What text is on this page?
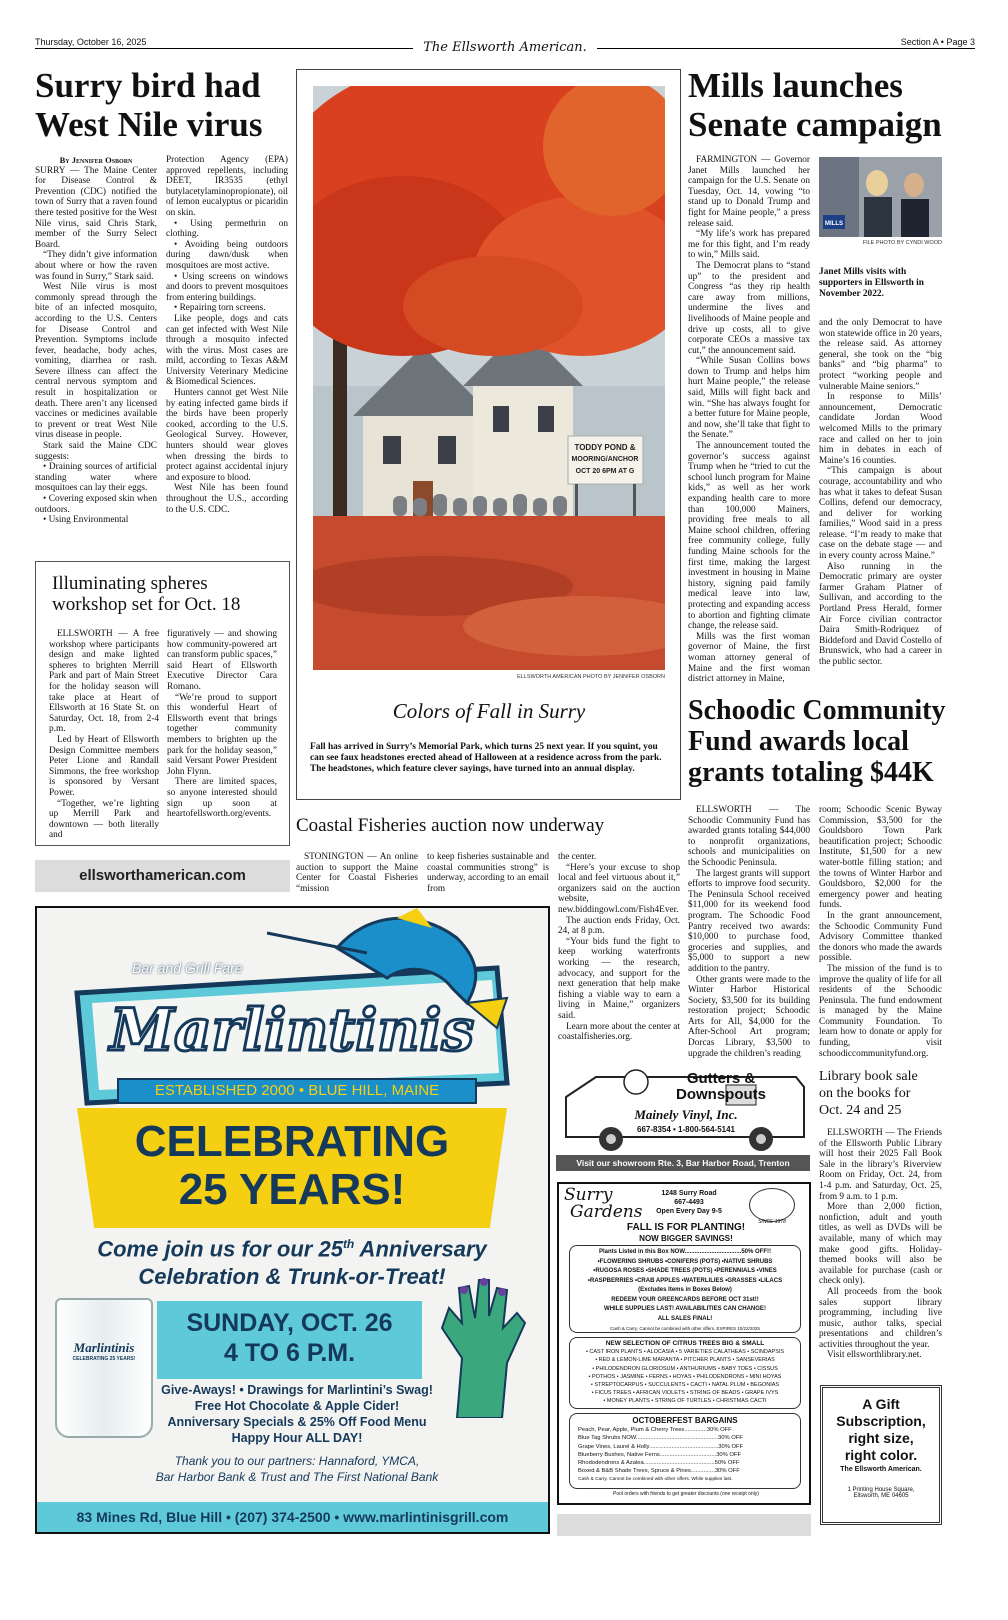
Thursday, October 16, 2025	The Ellsworth American.	Section A • Page 3
Surry bird had
West Nile virus
By Jennifer Osborn

SURRY — The Maine Center for Disease Control & Prevention (CDC) notified the town of Surry that a raven found there tested positive for the West Nile virus, said Chris Stark, member of the Surry Select Board.

“They didn’t give information about where or how the raven was found in Surry,” Stark said.

West Nile virus is most commonly spread through the bite of an infected mosquito, according to the U.S. Centers for Disease Control and Prevention. Symptoms include fever, headache, body aches, vomiting, diarrhea or rash. Severe illness can affect the central nervous symptom and result in hospitalization or death. There aren’t any licensed vaccines or medicines available to prevent or treat West Nile virus disease in people.

Stark said the Maine CDC suggests:

• Draining sources of artificial standing water where mosquitoes can lay their eggs.

• Covering exposed skin when outdoors.

• Using Environmental

Protection Agency (EPA) approved repellents, including DEET, IR3535 (ethyl butylacetylaminopropionate), oil of lemon eucalyptus or picaridin on skin.

• Using permethrin on clothing.

• Avoiding being outdoors during dawn/dusk when mosquitoes are most active.

• Using screens on windows and doors to prevent mosquitoes from entering buildings.

• Repairing torn screens.

Like people, dogs and cats can get infected with West Nile through a mosquito infected with the virus. Most cases are mild, according to Texas A&M University Veterinary Medicine & Biomedical Sciences.

Hunters cannot get West Nile by eating infected game birds if the birds have been properly cooked, according to the U.S. Geological Survey. However, hunters should wear gloves when dressing the birds to protect against accidental injury and exposure to blood.

West Nile has been found throughout the U.S., according to the U.S. CDC.

Illuminating spheres
workshop set for Oct. 18

ELLSWORTH — A free workshop where participants design and make lighted spheres to brighten Merrill Park and part of Main Street for the holiday season will take place at Heart of Ellsworth at 16 State St. on Saturday, Oct. 18, from 2-4 p.m.

Led by Heart of Ellsworth Design Committee members Peter Lione and Randall Simmons, the free workshop is sponsored by Versant Power.

“Together, we’re lighting up Merrill Park and downtown — both literally and

figuratively — and showing how community-powered art can transform public spaces,” said Heart of Ellsworth Executive Director Cara Romano.

“We’re proud to support this wonderful Heart of Ellsworth event that brings together community members to brighten up the park for the holiday season,” said Versant Power President John Flynn.

There are limited spaces, so anyone interested should sign up soon at heartofellsworth.org/events.

ellsworthamerican.com
TODDY POND &
MOORING/ANCHOR
OCT 20 6PM AT G
ELLSWORTH AMERICAN PHOTO BY JENNIFER OSBORN
Colors of Fall in Surry
Fall has arrived in Surry’s Memorial Park, which turns 25 next year. If you squint, you can see faux headstones erected ahead of Halloween at a residence across from the park. The headstones, which feature clever sayings, have turned into an annual display.
Mills launches
Senate campaign

FARMINGTON — Governor Janet Mills launched her campaign for the U.S. Senate on Tuesday, Oct. 14, vowing “to stand up to Donald Trump and fight for Maine people,” a press release said.

“My life’s work has prepared me for this fight, and I’m ready to win,” Mills said.

The Democrat plans to “stand up” to the president and Congress “as they rip health care away from millions, undermine the lives and livelihoods of Maine people and drive up costs, all to give corporate CEOs a massive tax cut,” the announcement said.

“While Susan Collins bows down to Trump and helps him hurt Maine people,” the release said, Mills will fight back and win. “She has always fought for a better future for Maine people, and now, she’ll take that fight to the Senate.”

The announcement touted the governor’s success against Trump when he “tried to cut the school lunch program for Maine kids,” as well as her work expanding health care to more than 100,000 Mainers, providing free meals to all Maine school children, offering free community college, fully funding Maine schools for the first time, making the largest investment in housing in Maine history, signing paid family medical leave into law, protecting and expanding access to abortion and fighting climate change, the release said.

Mills was the first woman governor of Maine, the first woman attorney general of Maine and the first woman district attorney in Maine,

MILLS
FILE PHOTO BY CYNDI WOOD
Janet Mills visits with supporters in Ellsworth in November 2022.

and the only Democrat to have won statewide office in 20 years, the release said. As attorney general, she took on the “big banks” and “big pharma” to protect “working people and vulnerable Maine seniors.”

In response to Mills’ announcement, Democratic candidate Jordan Wood welcomed Mills to the primary race and called on her to join him in debates in each of Maine’s 16 counties.

“This campaign is about courage, accountability and who has what it takes to defeat Susan Collins, defend our democracy, and deliver for working families,” Wood said in a press release. “I’m ready to make that case on the debate stage — and in every county across Maine.”

Also running in the Democratic primary are oyster farmer Graham Platner of Sullivan, and according to the Portland Press Herald, former Air Force civilian contractor Daira Smith-Rodriquez of Biddeford and David Costello of Brunswick, who had a career in the public sector.

Coastal Fisheries auction now underway

STONINGTON — An online auction to support the Maine Center for Coastal Fisheries “mission

to keep fisheries sustainable and coastal communities strong” is underway, according to an email from

the center.

“Here’s your excuse to shop local and feel virtuous about it,” organizers said on the auction website, new.biddingowl.com/Fish4Ever.

The auction ends Friday, Oct. 24, at 8 p.m.

“Your bids fund the fight to keep working waterfronts working — the research, advocacy, and support for the next generation that help make fishing a viable way to earn a living in Maine,” organizers said.

Learn more about the center at coastalfisheries.org.

Schoodic Community
Fund awards local
grants totaling $44K

ELLSWORTH — The Schoodic Community Fund has awarded grants totaling $44,000 to nonprofit organizations, schools and municipalities on the Schoodic Peninsula.

The largest grants will support efforts to improve food security. The Peninsula School received $11,000 for its weekend food program. The Schoodic Food Pantry received two awards: $10,000 to purchase food, groceries and supplies, and $5,000 to support a new addition to the pantry.

Other grants were made to the Winter Harbor Historical Society, $3,500 for its building restoration project; Schoodic Arts for All, $4,000 for the After-School Art program; Dorcas Library, $3,500 to upgrade the children’s reading

room; Schoodic Scenic Byway Commission, $3,500 for the Gouldsboro Town Park beautification project; Schoodic Institute, $1,500 for a new water-bottle filling station; and the towns of Winter Harbor and Gouldsboro, $2,000 for the emergency power and heating funds.

In the grant announcement, the Schoodic Community Fund Advisory Committee thanked the donors who made the awards possible.

The mission of the fund is to improve the quality of life for all residents of the Schoodic Peninsula. The fund endowment is managed by the Maine Community Foundation. To learn how to donate or apply for funding, visit schoodiccommunityfund.org.

Library book sale
on the books for
Oct. 24 and 25

ELLSWORTH — The Friends of the Ellsworth Public Library will host their 2025 Fall Book Sale in the library’s Riverview Room on Friday, Oct. 24, from 1-4 p.m. and Saturday, Oct. 25, from 9 a.m. to 1 p.m.

More than 2,000 fiction, nonfiction, adult and youth titles, as well as DVDs will be available, many of which may make good gifts. Holiday-themed books will also be available for purchase (cash or check only).

All proceeds from the book sales support library programming, including live music, author talks, special presentations and children’s activities throughout the year.

Visit ellsworthlibrary.net.

A Gift
Subscription,
right size,
right color.
The Ellsworth American.
1 Printing House Square,
Ellsworth, ME 04605
Bar and Grill Fare
Marlintinis
ESTABLISHED 2000 • BLUE HILL, MAINE
CELEBRATING
25 YEARS!
Come join us for our 25th Anniversary
Celebration & Trunk-or-Treat!
Marlintinis
CELEBRATING 25 YEARS!
SUNDAY, OCT. 26
4 TO 6 P.M.
Give-Aways! • Drawings for Marlintini’s Swag!
Free Hot Chocolate & Apple Cider!
Anniversary Specials & 25% Off Food Menu
Happy Hour ALL DAY!
Thank you to our partners: Hannaford, YMCA,
Bar Harbor Bank & Trust and The First National Bank
83 Mines Rd, Blue Hill • (207) 374-2500 • www.marlintinisgrill.com
Gutters &
Downspouts
Mainely Vinyl, Inc.
667-8354 • 1-800-564-5141
Visit our showroom Rte. 3, Bar Harbor Road, Trenton
Surry
Gardens
1248 Surry Road
667-4493
Open Every Day 9-5
SINCE 1978
FALL IS FOR PLANTING!
NOW BIGGER SAVINGS!
Plants Listed in this Box NOW..................................50% OFF!!
•FLOWERING SHRUBS •CONIFERS (POTS) •NATIVE SHRUBS
•RUGOSA ROSES •SHADE TREES (POTS) •PERENNIALS •VINES
•RASPBERRIES •CRAB APPLES •WATERLILIES •GRASSES •LILACS
(Excludes Items in Boxes Below)
REDEEM YOUR GREENCARDS BEFORE OCT 31st!!
WHILE SUPPLIES LAST! AVAILABILITIES CAN CHANGE!
ALL SALES FINAL!
Cash & Carry. Cannot be combined with other offers. EXPIRES 10/22/2025
NEW SELECTION OF CITRUS TREES BIG & SMALL
• CAST IRON PLANTS • ALOCASIA • 5 VARIETIES CALATHEAS • SCINDAPSIS
• RED & LEMON-LIME MARANTA • PITCHER PLANTS • SANSEVERIAS
• PHILODENDRON GLORIOSUM • ANTHURIUMS • BABY TOES • CISSUS
• POTHOS • JASMINE • FERNS • HOYAS • PHILODENDRONS • MINI HOYAS
• STREPTOCARPUS • SUCCULENTS • CACTI • NATAL PLUM • BEGONIAS
• FICUS TREES • AFRICAN VIOLETS • STRING OF BEADS • GRAPE IVYS
• MONEY PLANTS • STRING OF TURTLES • CHRISTMAS CACTI
OCTOBERFEST BARGAINS
Peach, Pear, Apple, Plum & Cherry Trees..............30% OFF
Blue Tag Shrubs NOW...................................................30% OFF
Grape Vines, Laurel & Holly...........................................30% OFF
Blueberry Bushes, Native Ferns...................................30% OFF
Rhododendrons & Azalea............................................50% OFF
Boxed & B&B Shade Trees, Spruce & Pines...............30% OFF
Cash & Carry. Cannot be combined with other offers. While supplies last.
Pool orders with friends to get greater discounts (one receipt only)
